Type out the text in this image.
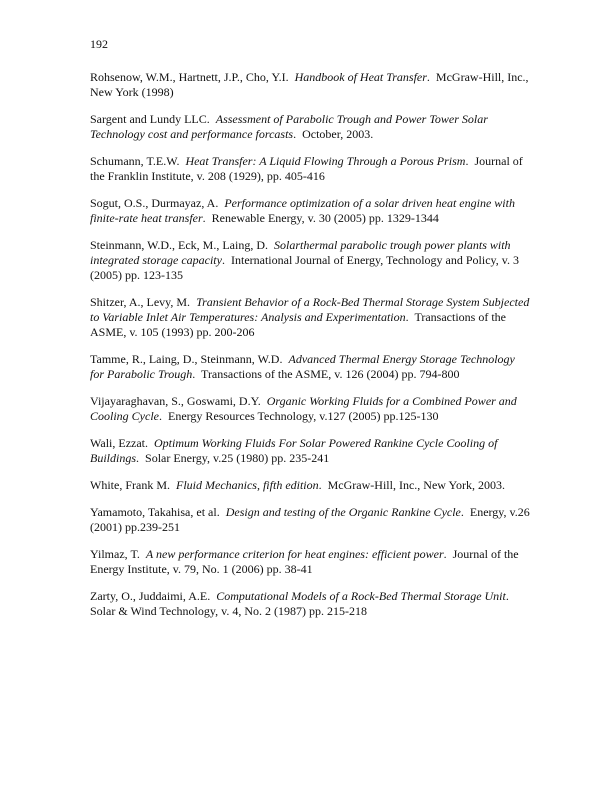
192

Rohsenow, W.M., Hartnett, J.P., Cho, Y.I. Handbook of Heat Transfer.  McGraw-Hill, Inc., New York (1998)

Sargent and Lundy LLC. Assessment of Parabolic Trough and Power Tower Solar Technology cost and performance forcasts.  October, 2003.

Schumann, T.E.W. Heat Transfer: A Liquid Flowing Through a Porous Prism.  Journal of the Franklin Institute, v. 208 (1929), pp. 405-416

Sogut, O.S., Durmayaz, A. Performance optimization of a solar driven heat engine with finite-rate heat transfer.  Renewable Energy, v. 30 (2005) pp. 1329-1344

Steinmann, W.D., Eck, M., Laing, D. Solarthermal parabolic trough power plants with integrated storage capacity.  International Journal of Energy, Technology and Policy, v. 3 (2005) pp. 123-135

Shitzer, A., Levy, M. Transient Behavior of a Rock-Bed Thermal Storage System Subjected to Variable Inlet Air Temperatures: Analysis and Experimentation.  Transactions of the ASME, v. 105 (1993) pp. 200-206

Tamme, R., Laing, D., Steinmann, W.D. Advanced Thermal Energy Storage Technology for Parabolic Trough.  Transactions of the ASME, v. 126 (2004) pp. 794-800

Vijayaraghavan, S., Goswami, D.Y. Organic Working Fluids for a Combined Power and Cooling Cycle.  Energy Resources Technology, v.127 (2005) pp.125-130

Wali, Ezzat. Optimum Working Fluids For Solar Powered Rankine Cycle Cooling of Buildings.  Solar Energy, v.25 (1980) pp. 235-241

White, Frank M. Fluid Mechanics, fifth edition.  McGraw-Hill, Inc., New York, 2003.

Yamamoto, Takahisa, et al. Design and testing of the Organic Rankine Cycle.  Energy, v.26 (2001) pp.239-251

Yilmaz, T. A new performance criterion for heat engines: efficient power.  Journal of the Energy Institute, v. 79, No. 1 (2006) pp. 38-41

Zarty, O., Juddaimi, A.E. Computational Models of a Rock-Bed Thermal Storage Unit.  Solar & Wind Technology, v. 4, No. 2 (1987) pp. 215-218
